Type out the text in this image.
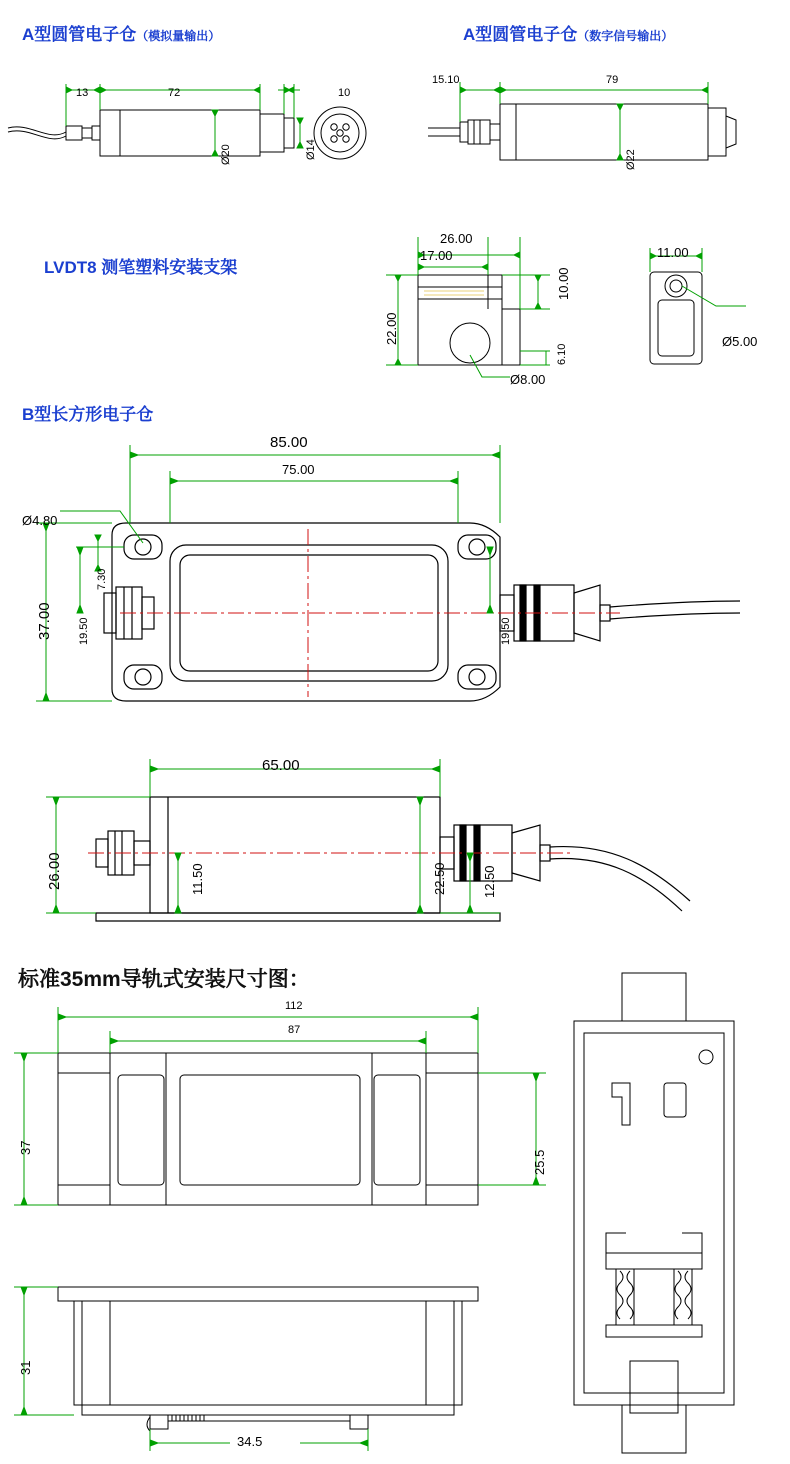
A型圆管电子仓（模拟量输出）	A型圆管电子仓（数字信号输出）
LVDT8 测笔塑料安装支架
B型长方形电子仓
标准35mm导轨式安装尺寸图：
13	72	10
Ø20	Ø14
15.10	79
Ø22
26.00
17.00
10.00
22.00
6.10
Ø8.00
11.00
Ø5.00
85.00
75.00
Ø4.80
7.30
19.50	19.50
37.00
65.00
26.00	11.50	22.50	12.50
112
87
37
25.5
31
34.5
